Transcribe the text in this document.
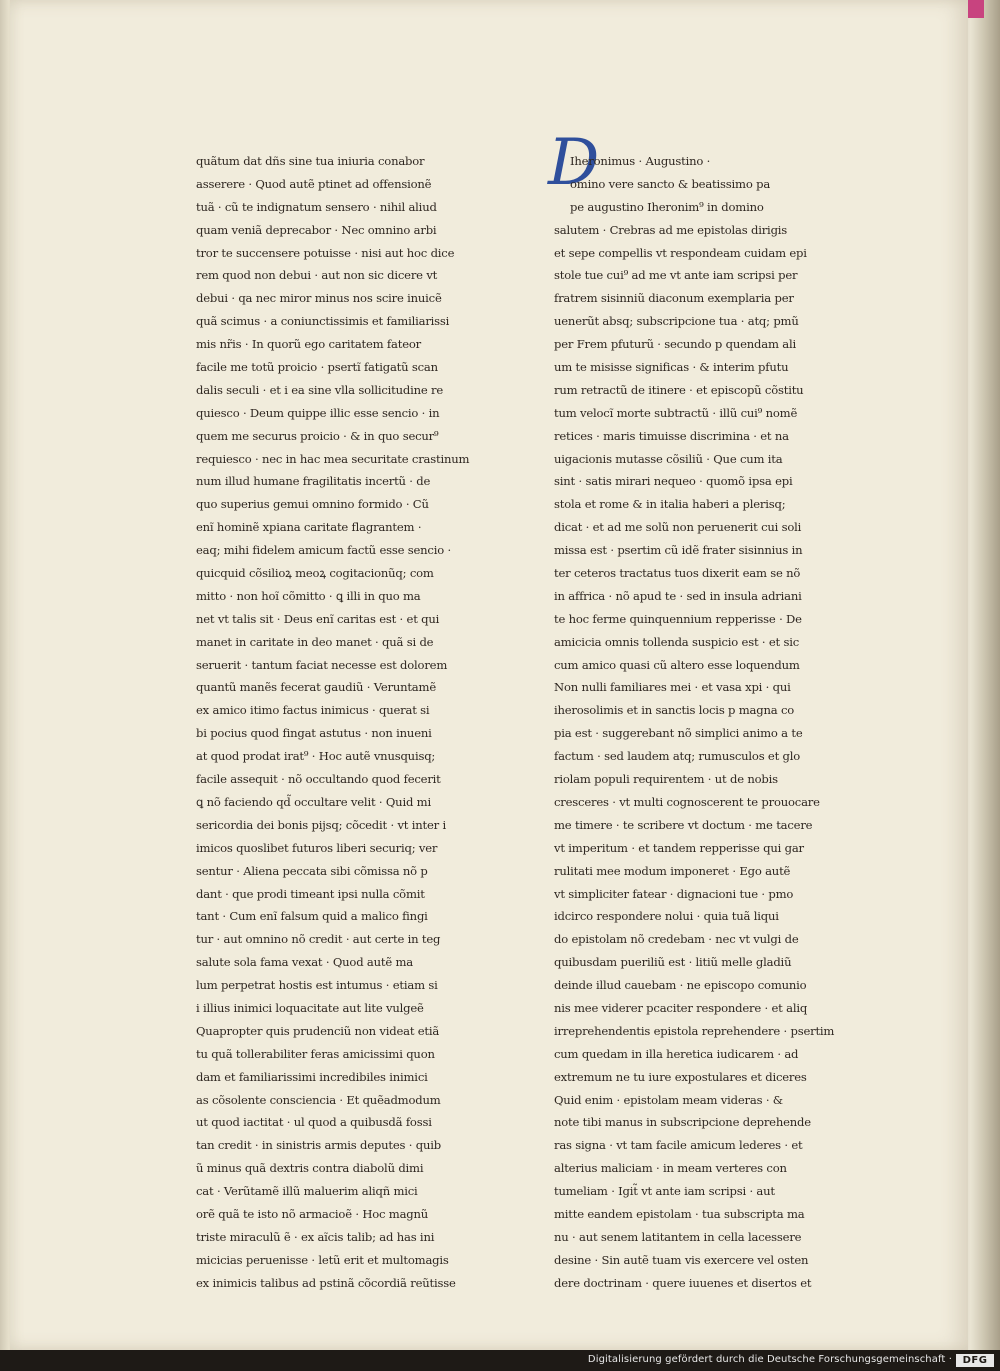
D
quãtum dat dñs sine tua iniuria conabor
asserere · Quod autẽ ptinet ad offensionẽ
tuã · cũ te indignatum sensero · nihil aliud
quam veniã deprecabor · Nec omnino arbi
tror te succensere potuisse · nisi aut hoc dice
rem quod non debui · aut non sic dicere vt
debui · qa nec miror minus nos scire inuicẽ
quã scimus · a coniunctissimis et familiarissi
mis nr̃is · In quorũ ego caritatem fateor
facile me totũ proicio · psertĩ fatigatũ scan
dalis seculi · et i ea sine vlla sollicitudine re
quiesco · Deum quippe illic esse sencio · in
quem me securus proicio · & in quo secur⁹
requiesco · nec in hac mea securitate crastinum
num illud humane fragilitatis incertũ · de
quo superius gemui omnino formido · Cũ
enĩ hominẽ xpiana caritate flagrantem ·
eaq; mihi fidelem amicum factũ esse sencio ·
quicquid cõsilioꝝ meoꝝ cogitacionũq; com
mitto · non hoĩ cõmitto · ꝗ illi in quo ma
net vt talis sit · Deus enĩ caritas est · et qui
manet in caritate in deo manet · quã si de
seruerit · tantum faciat necesse est dolorem
quantũ manẽs fecerat gaudiũ · Veruntamẽ
ex amico itimo factus inimicus · querat si
bi pocius quod fingat astutus · non inueni
at quod prodat irat⁹ · Hoc autẽ vnusquisq;
facile assequit · nõ occultando quod fecerit
ꝗ nõ faciendo qd̃ occultare velit · Quid mi
sericordia dei bonis pijsq; cõcedit · vt inter i
imicos quoslibet futuros liberi securiq; ver
sentur · Aliena peccata sibi cõmissa nõ p
dant · que prodi timeant ipsi nulla cõmit
tant · Cum enĩ falsum quid a malico fingi
tur · aut omnino nõ credit · aut certe in teg
salute sola fama vexat · Quod autẽ ma
lum perpetrat hostis est intumus · etiam si
i illius inimici loquacitate aut lite vulgeẽ
Quapropter quis prudenciũ non videat etiã
tu quã tollerabiliter feras amicissimi quon
dam et familiarissimi incredibiles inimici
as cõsolente consciencia · Et quẽadmodum
ut quod iactitat · ul quod a quibusdã fossi
tan credit · in sinistris armis deputes · quib
ũ minus quã dextris contra diabolũ dimi
cat · Verũtamẽ illũ maluerim aliqñ mici
orẽ quã te isto nõ armacioẽ · Hoc magnũ
triste miraculũ ẽ · ex aĩcis talib; ad has ini
micicias peruenisse · letũ erit et multomagis
ex inimicis talibus ad pstinã cõcordiã reũtisse
Iheronimus · Augustino ·
omino vere sancto & beatissimo pa
pe augustino Iheronim⁹ in domino
salutem · Crebras ad me epistolas dirigis
et sepe compellis vt respondeam cuidam epi
stole tue cui⁹ ad me vt ante iam scripsi per
fratrem sisinniũ diaconum exemplaria per
uenerũt absq; subscripcione tua · atq; pmũ
per Frem pfuturũ · secundo p quendam ali
um te misisse significas · & interim pfutu
rum retractũ de itinere · et episcopũ cõstitu
tum velocĩ morte subtractũ · illũ cui⁹ nomẽ
retices · maris timuisse discrimina · et na
uigacionis mutasse cõsiliũ · Que cum ita
sint · satis mirari nequeo · quomõ ipsa epi
stola et rome & in italia haberi a plerisq;
dicat · et ad me solũ non peruenerit cui soli
missa est · psertim cũ idẽ frater sisinnius in
ter ceteros tractatus tuos dixerit eam se nõ
in affrica · nõ apud te · sed in insula adriani
te hoc ferme quinquennium repperisse · De
amicicia omnis tollenda suspicio est · et sic
cum amico quasi cũ altero esse loquendum
Non nulli familiares mei · et vasa xpi · qui
iherosolimis et in sanctis locis p magna co
pia est · suggerebant nõ simplici animo a te
factum · sed laudem atq; rumusculos et glo
riolam populi requirentem · ut de nobis
cresceres · vt multi cognoscerent te prouocare
me timere · te scribere vt doctum · me tacere
vt imperitum · et tandem repperisse qui gar
rulitati mee modum imponeret · Ego autẽ
vt simpliciter fatear · dignacioni tue · pmo
idcirco respondere nolui · quia tuã liqui
do epistolam nõ credebam · nec vt vulgi de
quibusdam pueriliũ est · litiũ melle gladiũ
deinde illud cauebam · ne episcopo comunio
nis mee viderer pcaciter respondere · et aliq
irreprehendentis epistola reprehendere · psertim
cum quedam in illa heretica iudicarem · ad
extremum ne tu iure expostulares et diceres
Quid enim · epistolam meam videras · &
note tibi manus in subscripcione deprehende
ras signa · vt tam facile amicum lederes · et
alterius maliciam · in meam verteres con
tumeliam · Igit̃ vt ante iam scripsi · aut
mitte eandem epistolam · tua subscripta ma
nu · aut senem latitantem in cella lacessere
desine · Sin autẽ tuam vis exercere vel osten
dere doctrinam · quere iuuenes et disertos et
Digitalisierung gefördert durch die Deutsche Forschungsgemeinschaft ·	DFG
